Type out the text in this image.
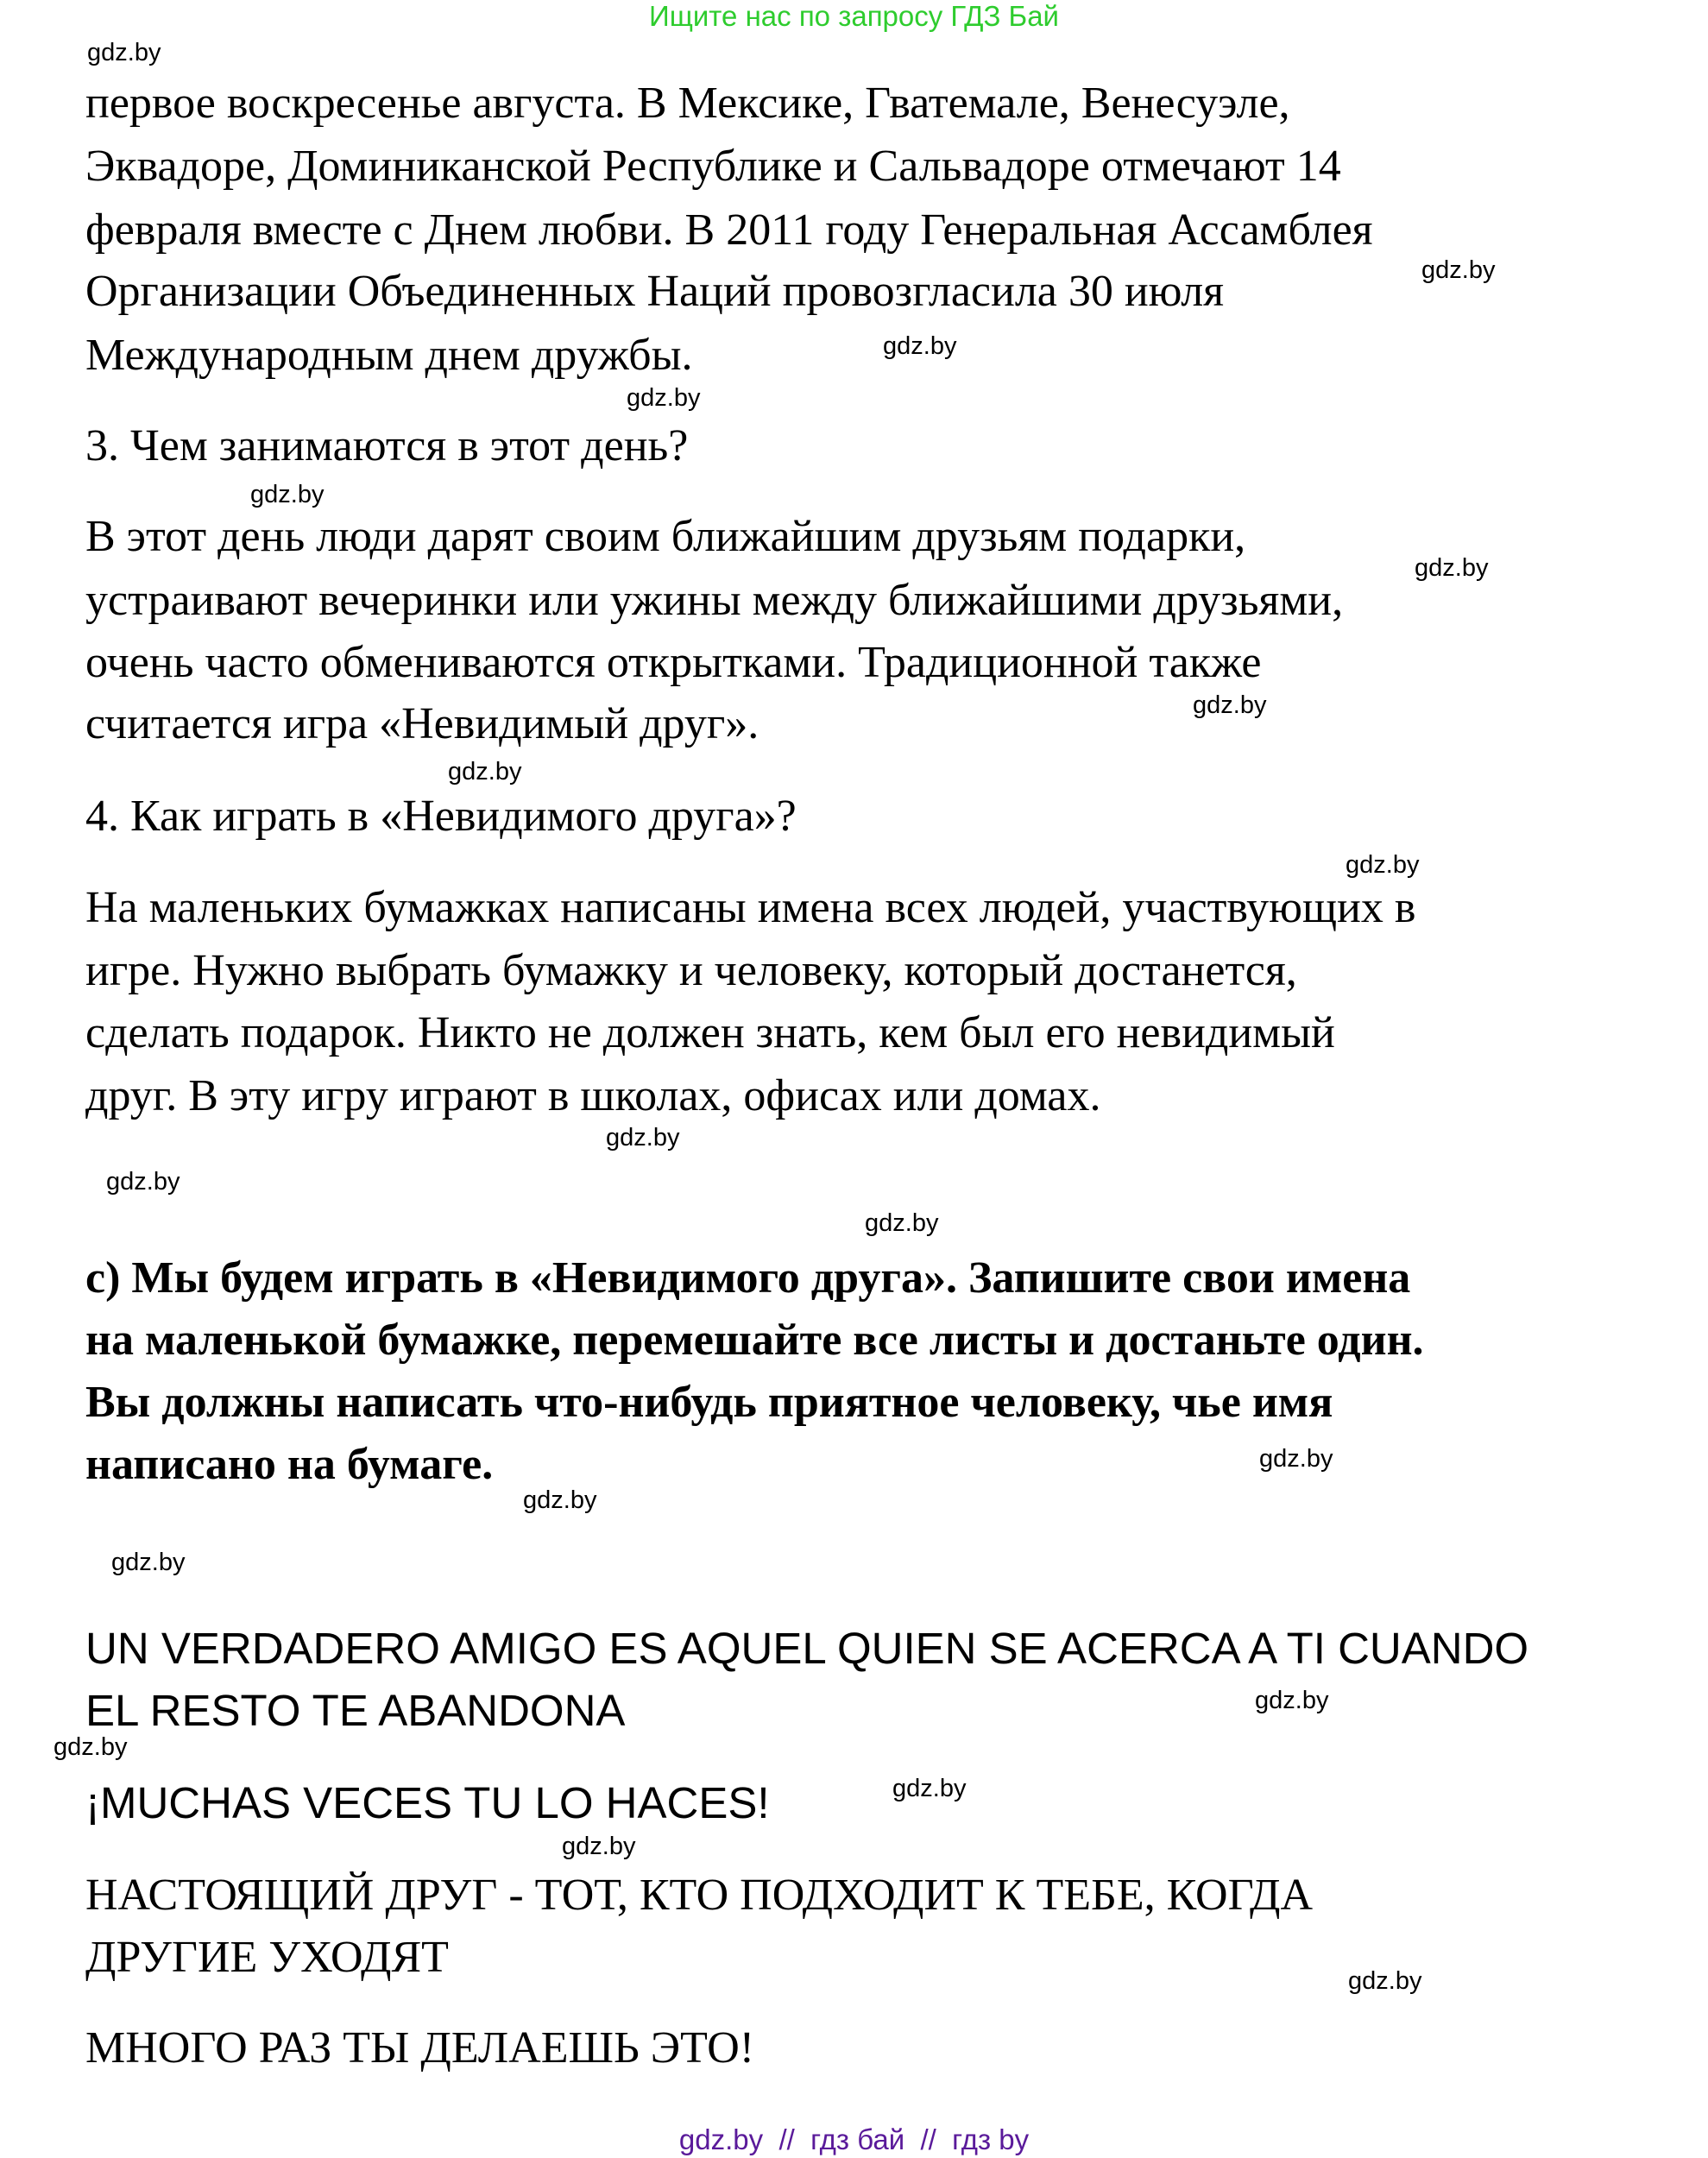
Ищите нас по запросу ГДЗ Бай
первое воскресенье августа. В Мексике, Гватемале, Венесуэле,
Эквадоре, Доминиканской Республике и Сальвадоре отмечают 14
февраля вместе с Днем любви. В 2011 году Генеральная Ассамблея
Организации Объединенных Наций провозгласила 30 июля
Международным днем дружбы.
3. Чем занимаются в этот день?
В этот день люди дарят своим ближайшим друзьям подарки,
устраивают вечеринки или ужины между ближайшими друзьями,
очень часто обмениваются открытками. Традиционной также
считается игра «Невидимый друг».
4. Как играть в «Невидимого друга»?
На маленьких бумажках написаны имена всех людей, участвующих в
игре. Нужно выбрать бумажку и человеку, который достанется,
сделать подарок. Никто не должен знать, кем был его невидимый
друг. В эту игру играют в школах, офисах или домах.
c) Мы будем играть в «Невидимого друга». Запишите свои имена
на маленькой бумажке, перемешайте все листы и достаньте один.
Вы должны написать что-нибудь приятное человеку, чье имя
написано на бумаге.
UN VERDADERO AMIGO ES AQUEL QUIEN SE ACERCA A TI CUANDO
EL RESTO TE ABANDONA
¡MUCHAS VECES TU LO HACES!
НАСТОЯЩИЙ ДРУГ - ТОТ, КТО ПОДХОДИТ К ТЕБЕ, КОГДА
ДРУГИЕ УХОДЯТ
МНОГО РАЗ ТЫ ДЕЛАЕШЬ ЭТО!
gdz.by
gdz.by
gdz.by
gdz.by
gdz.by
gdz.by
gdz.by
gdz.by
gdz.by
gdz.by
gdz.by
gdz.by
gdz.by
gdz.by
gdz.by
gdz.by
gdz.by
gdz.by
gdz.by
gdz.by
gdz.by  //  гдз бай  //  гдз by
